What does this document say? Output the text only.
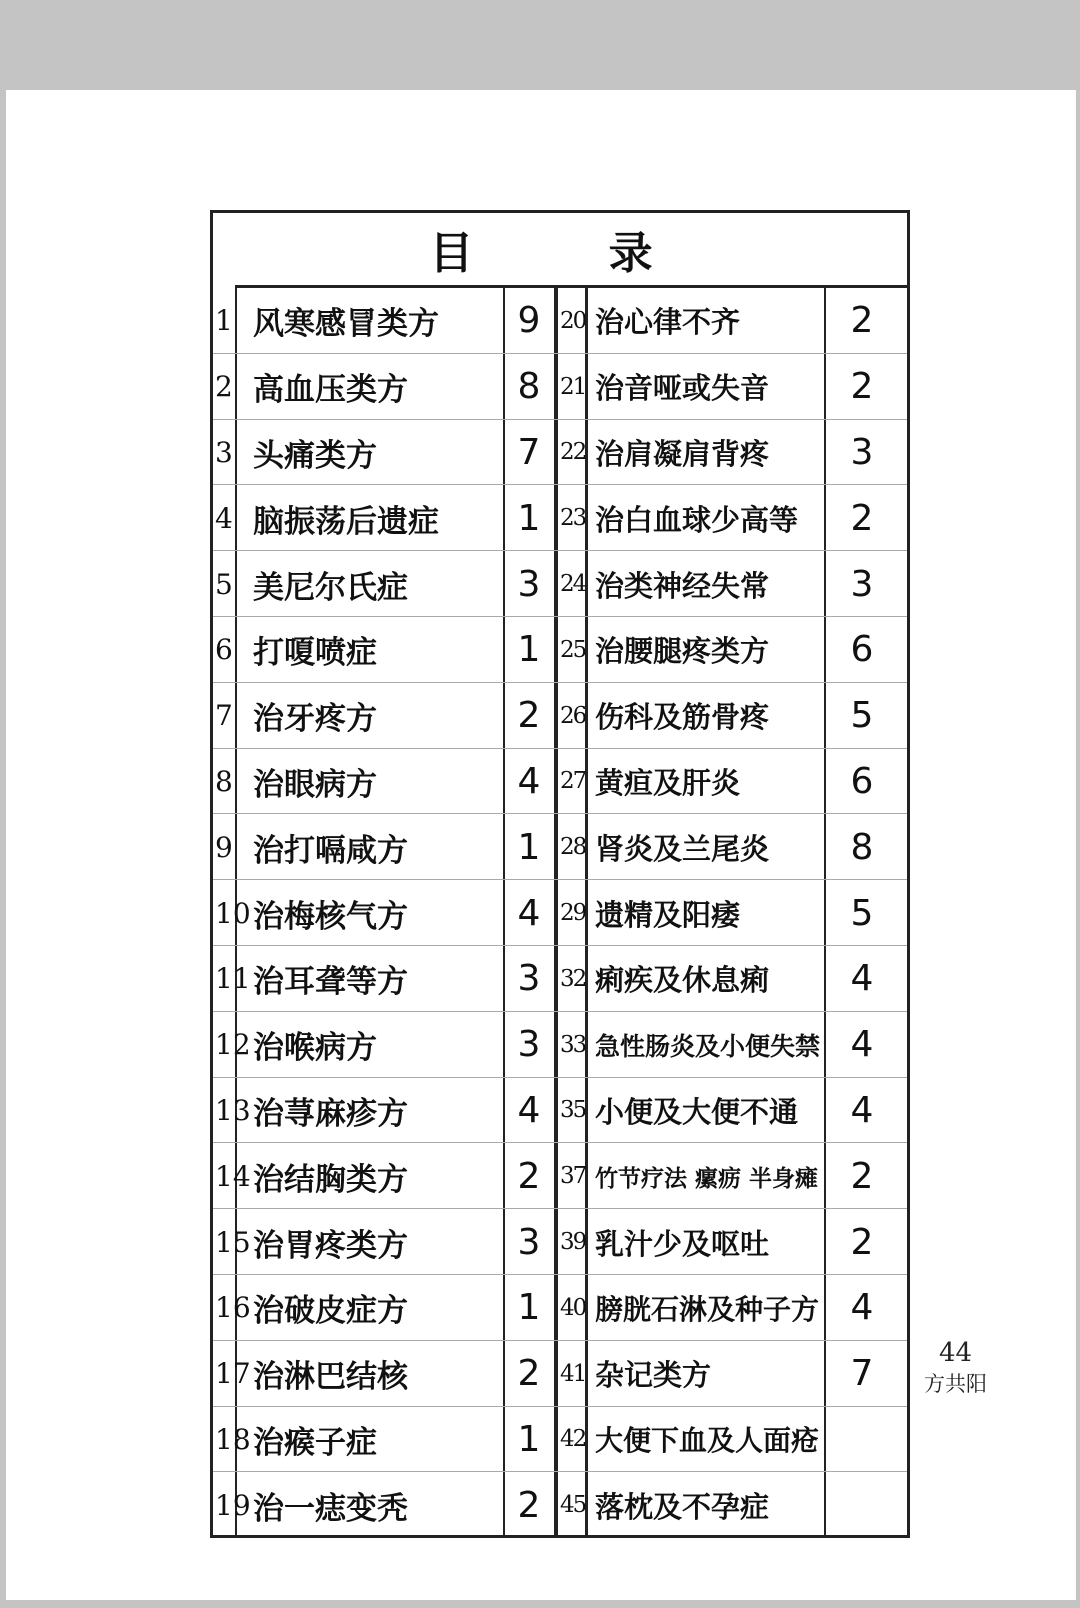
目 录
1 风寒感冒类方	9
2 高血压类方	8
3 头痛类方	7
4 脑振荡后遗症	1
5 美尼尔氏症	3
6 打嗄喷症	1
7 治牙疼方	2
8 治眼病方	4
9 治打嗝咸方	1
10 治梅核气方	4
11 治耳聋等方	3
12 治喉病方	3
13 治荨麻疹方	4
14 治结胸类方	2
15 治胃疼类方	3
16 治破皮症方	1
17 治淋巴结核	2
18 治瘊子症	1
19 治一痣变秃	2
20 治心律不齐	2
21 治音哑或失音	2
22 治肩凝肩背疼	3
23 治白血球少高等	2
24 治类神经失常	3
25 治腰腿疼类方	6
26 伤科及筋骨疼	5
27 黄疸及肝炎	6
28 肾炎及兰尾炎	8
29 遗精及阳痿	5
32 痢疾及休息痢	4
33 急性肠炎及小便失禁 4
35 小便及大便不通	4
37 竹节疗法 瘰疬 半身瘫 2
39 乳汁少及呕吐	2
40 膀胱石淋及种子方 4
41 杂记类方	7
42 大便下血及人面疮
45 落枕及不孕症
44
方共阳
